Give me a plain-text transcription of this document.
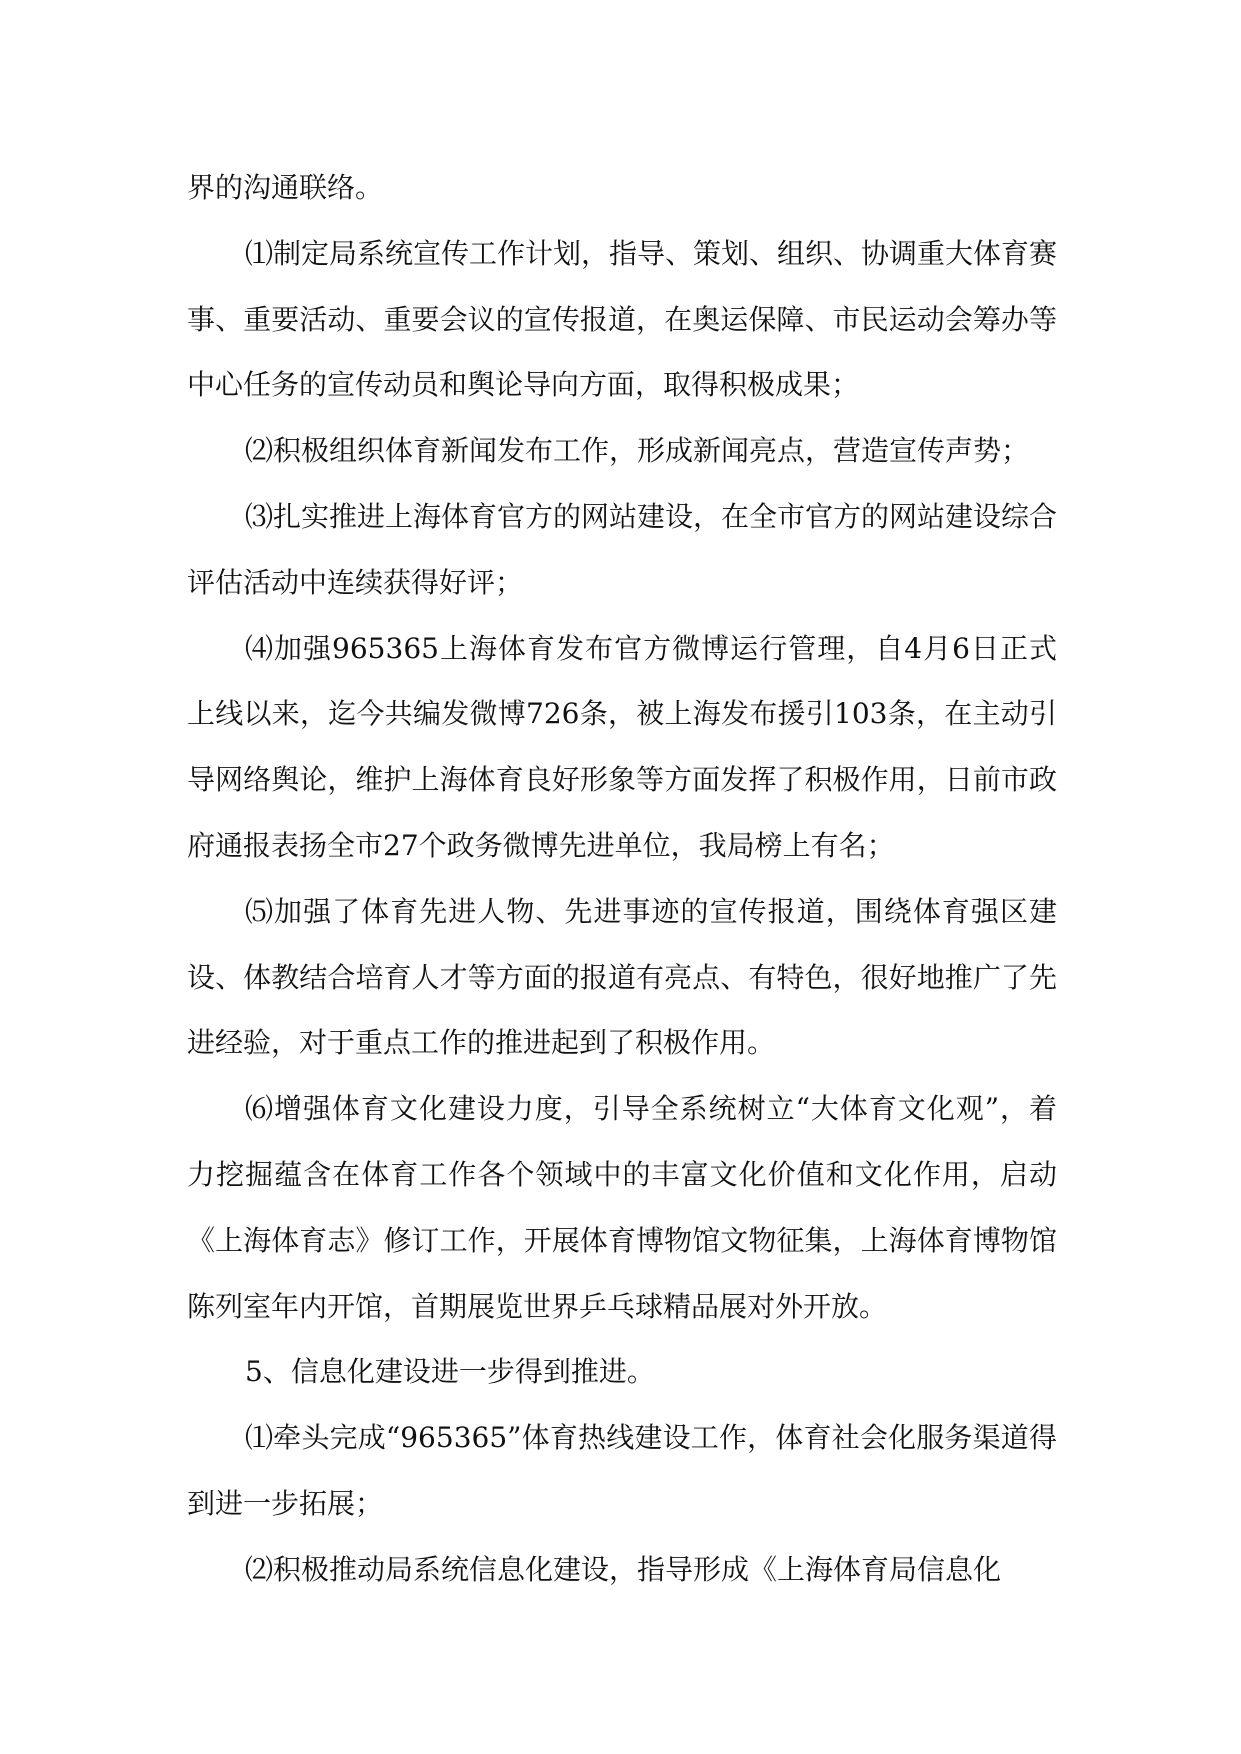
界的沟通联络。

⑴制定局系统宣传工作计划，指导、策划、组织、协调重大体育赛事、重要活动、重要会议的宣传报道，在奥运保障、市民运动会筹办等中心任务的宣传动员和舆论导向方面，取得积极成果；

⑵积极组织体育新闻发布工作，形成新闻亮点，营造宣传声势；

⑶扎实推进上海体育官方的网站建设，在全市官方的网站建设综合评估活动中连续获得好评；

⑷加强965365上海体育发布官方微博运行管理，自4月6日正式上线以来，迄今共编发微博726条，被上海发布援引103条，在主动引导网络舆论，维护上海体育良好形象等方面发挥了积极作用，日前市政府通报表扬全市27个政务微博先进单位，我局榜上有名；

⑸加强了体育先进人物、先进事迹的宣传报道，围绕体育强区建设、体教结合培育人才等方面的报道有亮点、有特色，很好地推广了先进经验，对于重点工作的推进起到了积极作用。

⑹增强体育文化建设力度，引导全系统树立“大体育文化观”，着力挖掘蕴含在体育工作各个领域中的丰富文化价值和文化作用，启动《上海体育志》修订工作，开展体育博物馆文物征集，上海体育博物馆陈列室年内开馆，首期展览世界乒乓球精品展对外开放。

5、信息化建设进一步得到推进。

⑴牵头完成“965365”体育热线建设工作，体育社会化服务渠道得到进一步拓展；

⑵积极推动局系统信息化建设，指导形成《上海体育局信息化
